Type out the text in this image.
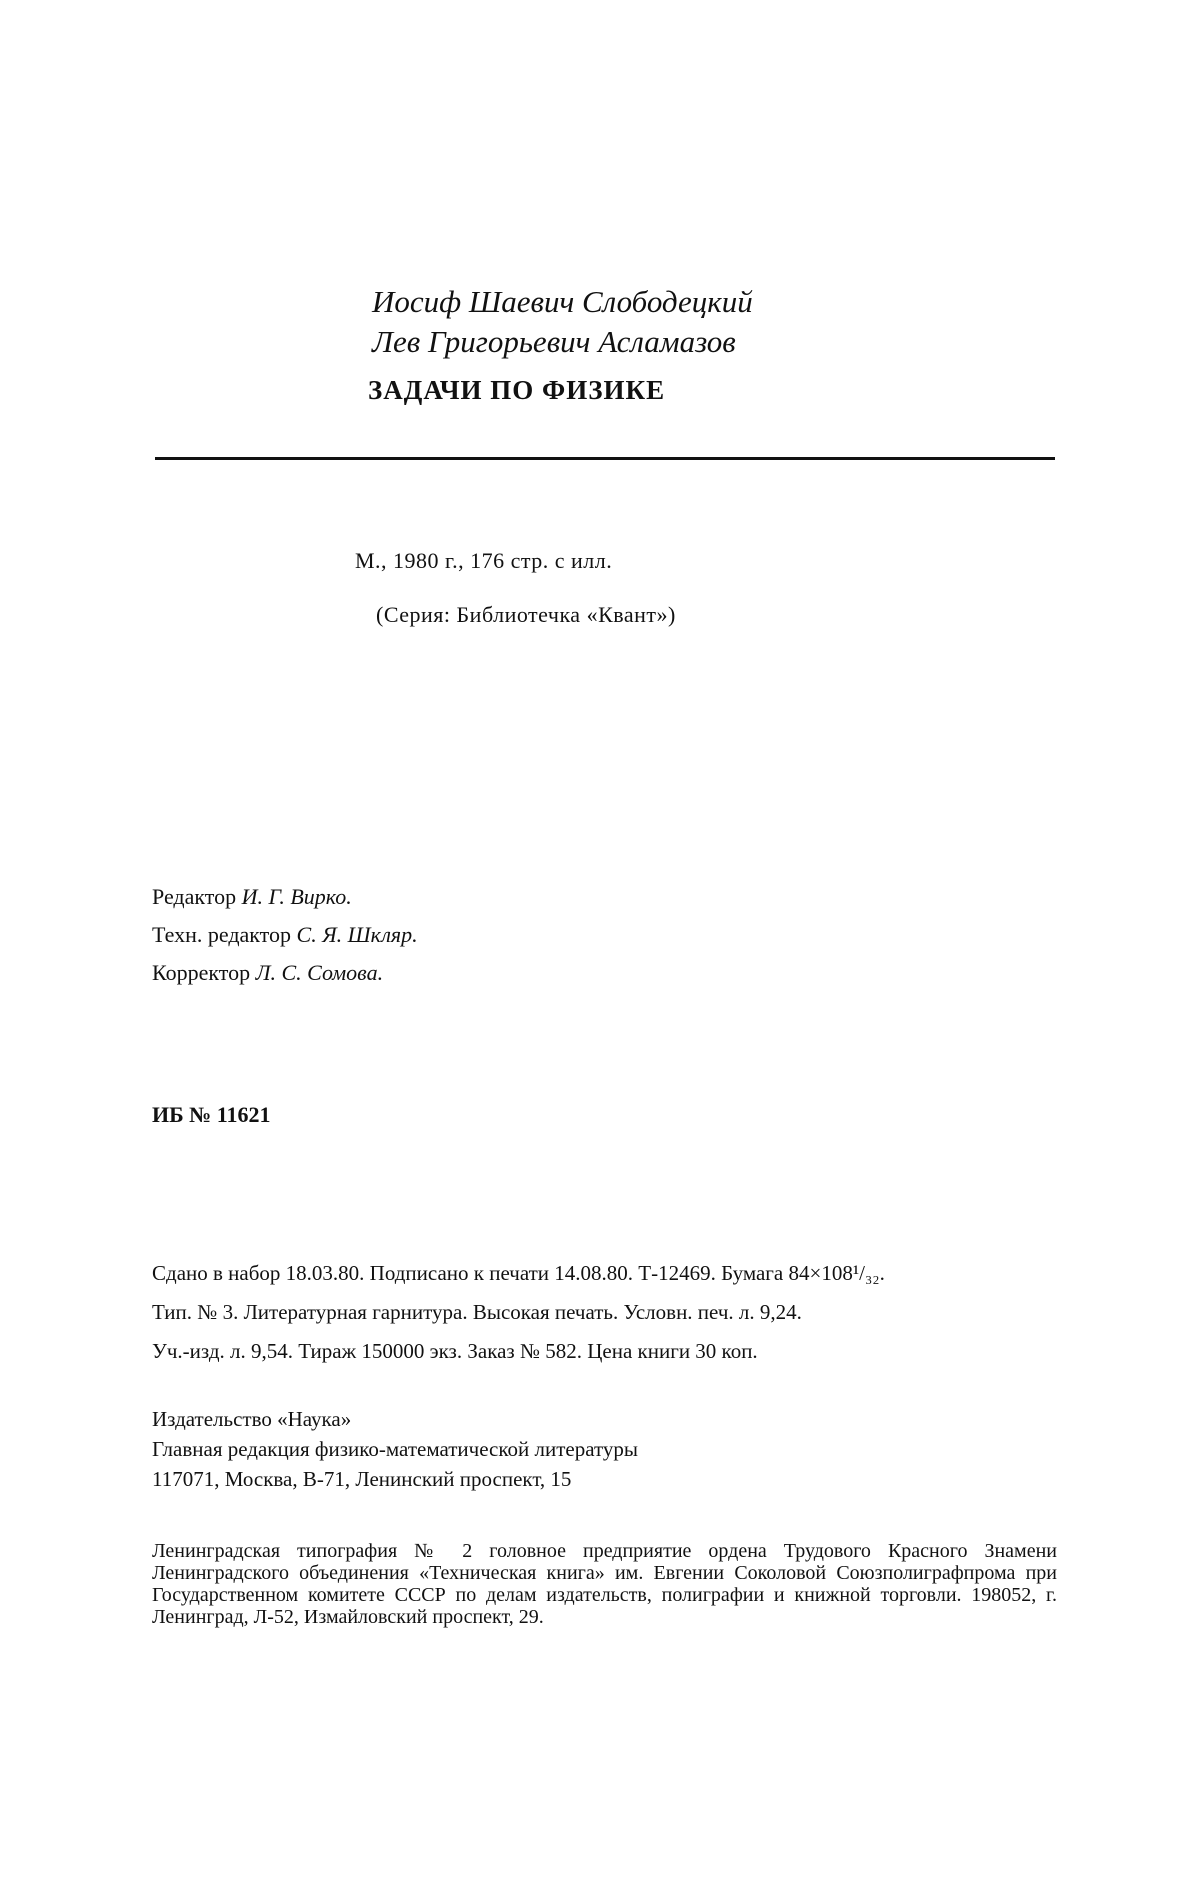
Иосиф Шаевич Слободецкий
Лев Григорьевич Асламазов
ЗАДАЧИ ПО ФИЗИКЕ
М., 1980 г., 176 стр. с илл.
(Серия: Библиотечка «Квант»)
Редактор И. Г. Вирко.
Техн. редактор С. Я. Шкляр.
Корректор Л. С. Сомова.
ИБ № 11621
Сдано в набор 18.03.80. Подписано к печати 14.08.80. Т-12469. Бумага 84×108¹/₃₂.
Тип. № 3. Литературная гарнитура. Высокая печать. Условн. печ. л. 9,24.
Уч.-изд. л. 9,54. Тираж 150000 экз. Заказ № 582. Цена книги 30 коп.
Издательство «Наука»
Главная редакция физико-математической литературы
117071, Москва, В-71, Ленинский проспект, 15
Ленинградская типография № 2 головное предприятие ордена Трудового Красного Знамени Ленинградского объединения «Техническая книга» им. Евгении Соколовой Союзполиграфпрома при Государственном комитете СССР по делам издательств, полиграфии и книжной торговли. 198052, г. Ленинград, Л-52, Измайловский проспект, 29.
